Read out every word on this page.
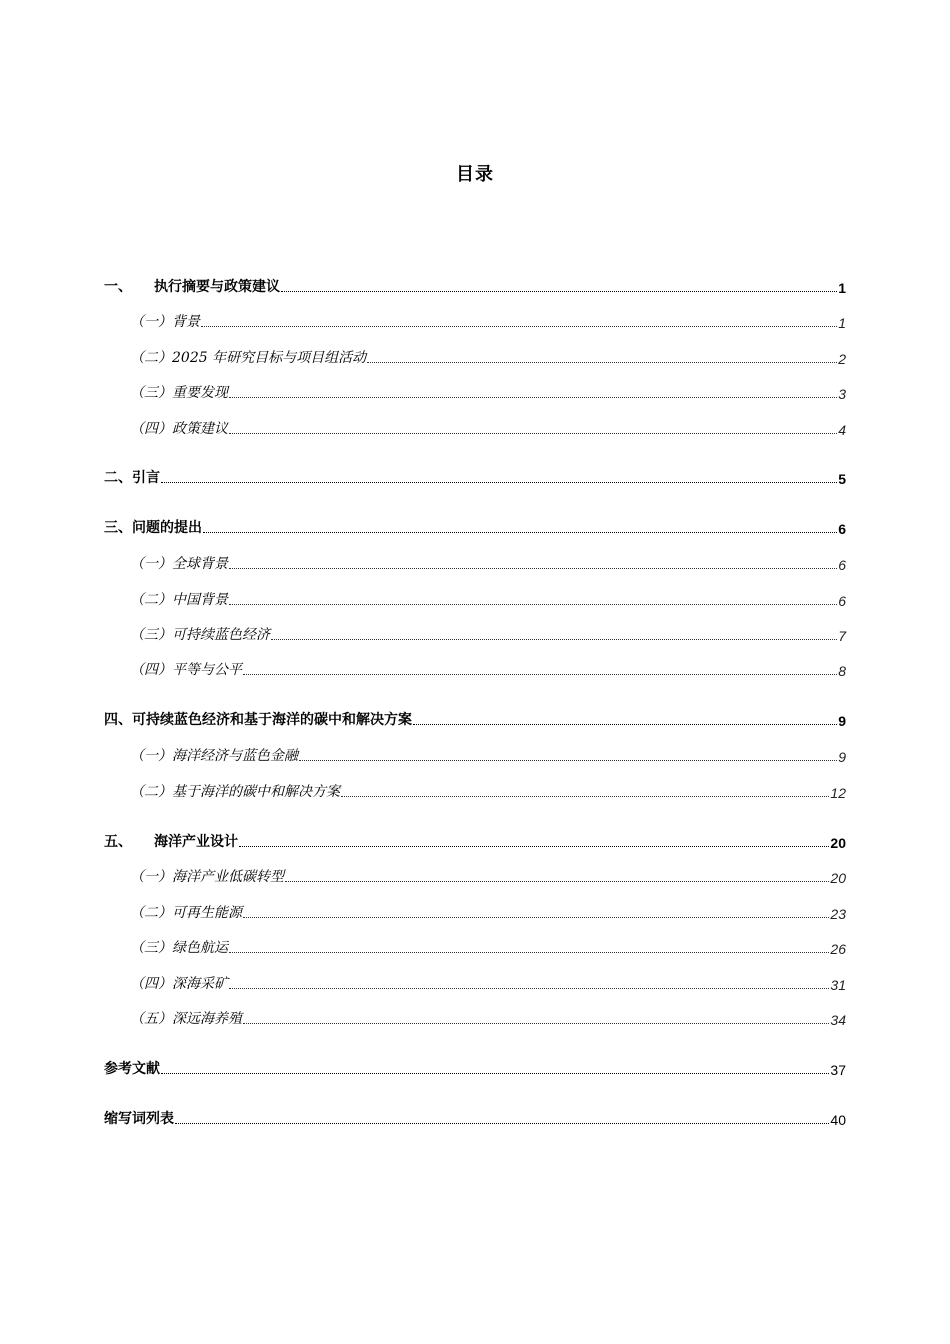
目录
一、 执行摘要与政策建议	1
（一）背景	1
（二）2025 年研究目标与项目组活动	2
（三）重要发现	3
（四）政策建议	4
二、引言	5
三、问题的提出	6
（一）全球背景	6
（二）中国背景	6
（三）可持续蓝色经济	7
（四）平等与公平	8
四、可持续蓝色经济和基于海洋的碳中和解决方案	9
（一）海洋经济与蓝色金融	9
（二）基于海洋的碳中和解决方案	12
五、 海洋产业设计	20
（一）海洋产业低碳转型	20
（二）可再生能源	23
（三）绿色航运	26
（四）深海采矿	31
（五）深远海养殖	34
参考文献	37
缩写词列表	40
